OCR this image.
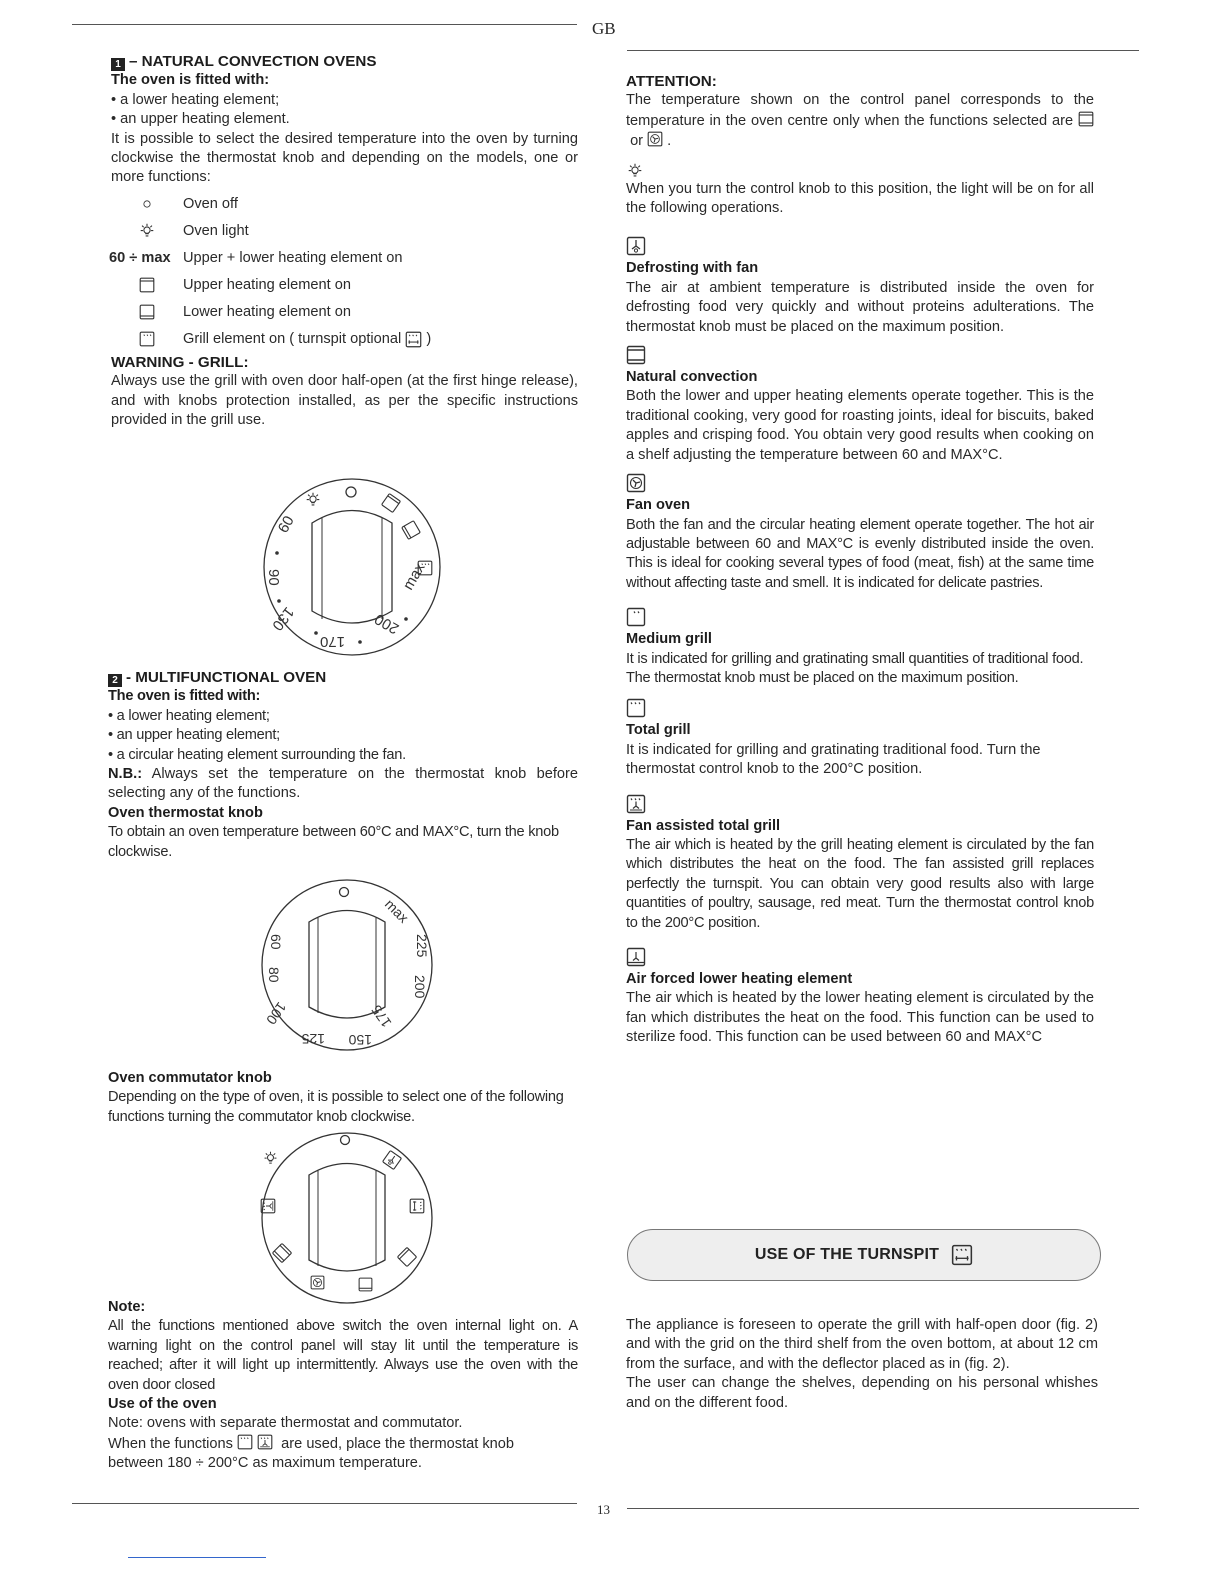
GB
13

1 – NATURAL CONVECTION OVENS

The oven is fitted with:

• a lower heating element;

• an upper heating element.

It is possible to select the desired temperature into the oven by turning clockwise the thermostat knob and depending on the models, one or more functions:

Oven off
Oven light
60 ÷ max Upper + lower heating element on
Upper heating element on
Lower heating element on
Grill element on ( turnspit optional

)

WARNING - GRILL:

Always use the grill with oven door half-open (at the first hinge release), and with knobs protection installed, as per the specific instructions provided in the grill use.

60
90
130
170
200
max

2 - MULTIFUNCTIONAL OVEN

The oven is fitted with:

• a lower heating element;

• an upper heating element;

• a circular heating element surrounding the fan.

N.B.: Always set the temperature on the thermostat knob before selecting any of the functions.

Oven thermostat knob

To obtain an oven temperature between 60°C and MAX°C, turn the knob clockwise.

60
80
100
125 150
175
200
225
max

Oven commutator knob

Depending on the type of oven, it is possible to select one of the following functions turning the commutator knob clockwise.

Note:

All the functions mentioned above switch the oven internal light on. A warning light on the control panel will stay lit until the temperature is reached; after it will light up intermittently. Always use the oven with the oven door closed

Use of the oven

Note: ovens with separate thermostat and commutator.

When the functions	are used, place the thermostat knob

between 180 ÷ 200°C as maximum temperature.

ATTENTION:

The temperature shown on the control panel corresponds to the temperature in the oven centre only when the functions selected are  or .

When you turn the control knob to this position, the light will be on for all the following operations.

Defrosting with fan

The air at ambient temperature is distributed inside the oven for defrosting food very quickly and without proteins adulterations. The thermostat knob must be placed on the maximum position.

Natural convection

Both the lower and upper heating elements operate together. This is the traditional cooking, very good for roasting joints, ideal for biscuits, baked apples and crisping food. You obtain very good results when cooking on a shelf adjusting the temperature between 60 and MAX°C.

Fan oven

Both the fan and the circular heating element operate together. The hot air adjustable between 60 and MAX°C is evenly distributed inside the oven. This is ideal for cooking several types of food (meat, fish) at the same time without affecting taste and smell. It is indicated for delicate pastries.

Medium grill

It is indicated for grilling and gratinating small quantities of traditional food. The thermostat knob must be placed on the maximum position.

Total grill

It is indicated for grilling and gratinating traditional food. Turn the thermostat control knob to the 200°C position.

Fan assisted total grill

The air which is heated by the grill heating element is circulated by the fan which distributes the heat on the food. The fan assisted grill replaces perfectly the turnspit. You can obtain very good results also with large quantities of poultry, sausage, red meat. Turn the thermostat control knob to the 200°C position.

Air forced lower heating element

The air which is heated by the lower heating element is circulated by the fan which distributes the heat on the food. This function can be used to sterilize food. This function can be used between 60 and MAX°C

USE OF THE TURNSPIT

The appliance is foreseen to operate the grill with half-open door (fig. 2) and with the grid on the third shelf from the oven bottom, at about 12 cm from the surface, and with the deflector placed as in (fig. 2).

The user can change the shelves, depending on his personal whishes and on the different food.
